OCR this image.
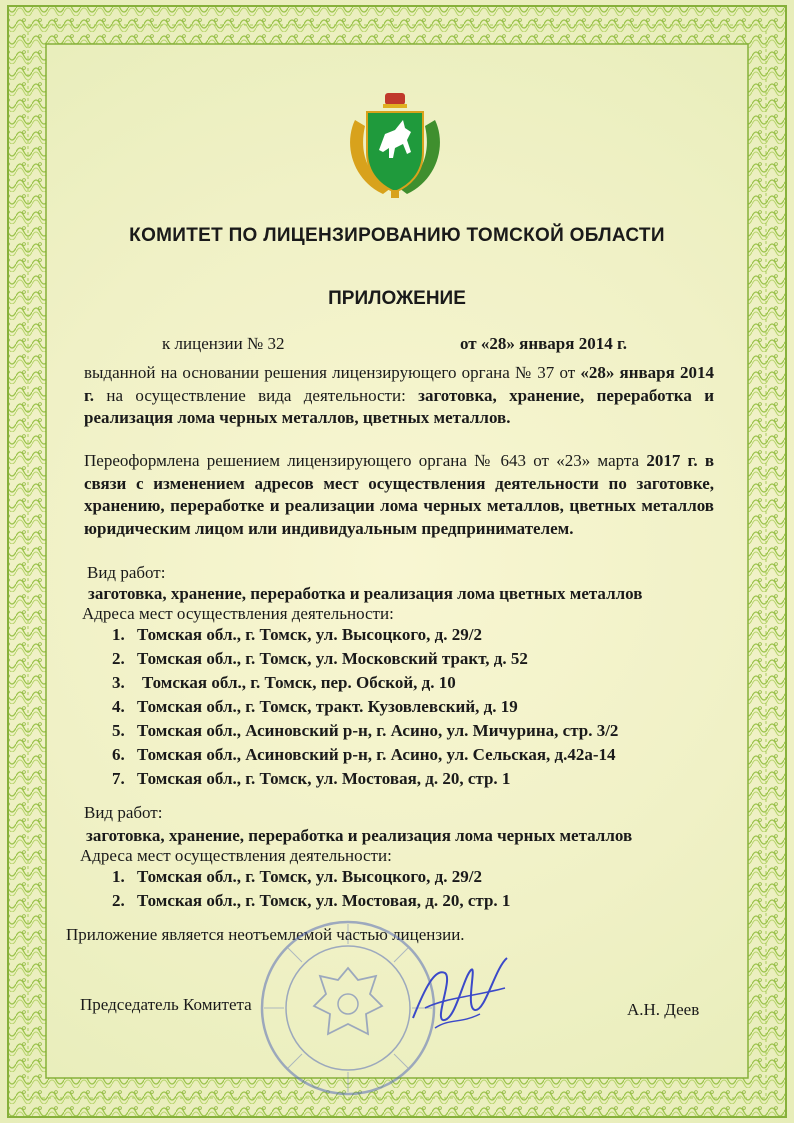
КОМИТЕТ ПО ЛИЦЕНЗИРОВАНИЮ ТОМСКОЙ ОБЛАСТИ
ПРИЛОЖЕНИЕ
к лицензии № 32	от «28» января 2014 г.
выданной на основании решения лицензирующего органа № 37 от «28» января 2014 г. на осуществление вида деятельности: заготовка, хранение, переработка и реализация лома черных металлов, цветных металлов.
Переоформлена решением лицензирующего органа № 643 от «23» марта 2017 г. в связи с изменением адресов мест осуществления деятельности по заготовке, хранению, переработке и реализации лома черных металлов, цветных металлов юридическим лицом или индивидуальным предпринимателем.
Вид работ:
заготовка, хранение, переработка и реализация лома цветных металлов
Адреса мест осуществления деятельности:
1. Томская обл., г. Томск, ул. Высоцкого, д. 29/2
2. Томская обл., г. Томск, ул. Московский тракт, д. 52
3. Томская обл., г. Томск, пер. Обской, д. 10
4. Томская обл., г. Томск, тракт. Кузовлевский, д. 19
5. Томская обл., Асиновский р-н, г. Асино, ул. Мичурина, стр. 3/2
6. Томская обл., Асиновский р-н, г. Асино, ул. Сельская, д.42а-14
7. Томская обл., г. Томск, ул. Мостовая, д. 20, стр. 1
Вид работ:
заготовка, хранение, переработка и реализация лома черных металлов
Адреса мест осуществления деятельности:
1. Томская обл., г. Томск, ул. Высоцкого, д. 29/2
2. Томская обл., г. Томск, ул. Мостовая, д. 20, стр. 1
Приложение является неотъемлемой частью лицензии.
Председатель Комитета	А.Н. Деев
